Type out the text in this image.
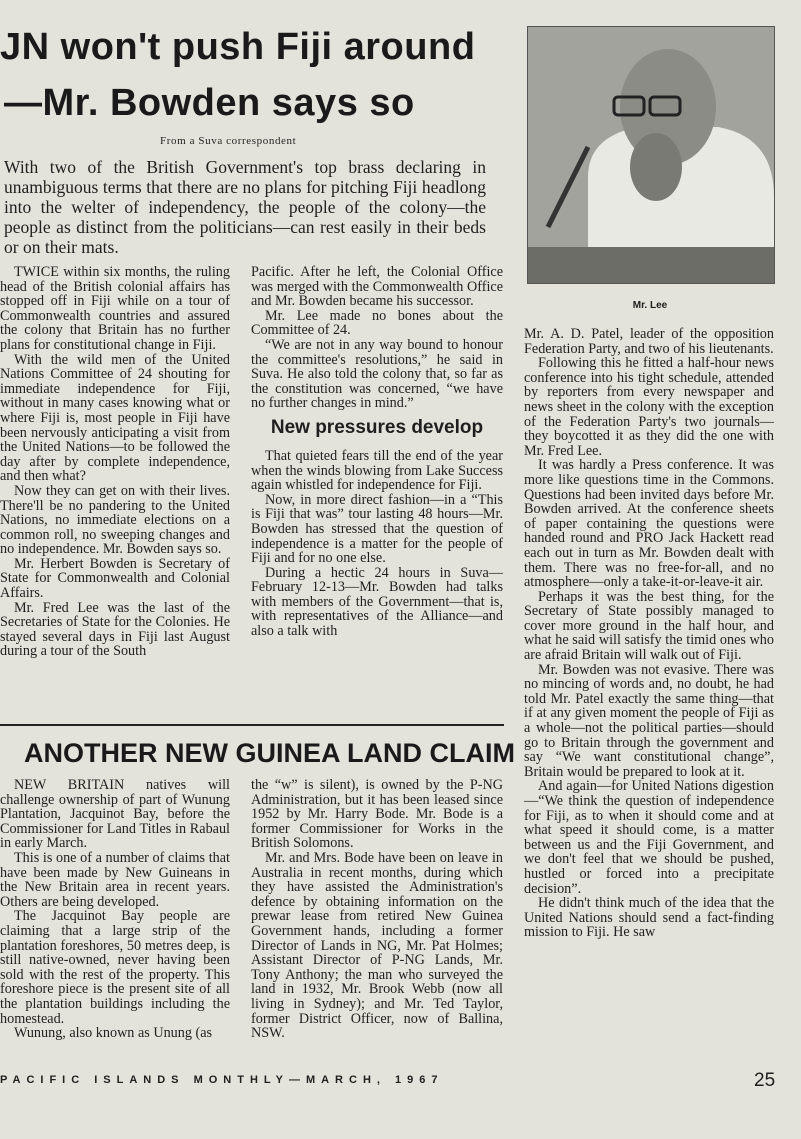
JN won't push Fiji around
—Mr. Bowden says so
From a Suva correspondent
With two of the British Government's top brass declaring in unambiguous terms that there are no plans for pitching Fiji headlong into the welter of independency, the people of the colony—the people as distinct from the politicians—can rest easily in their beds or on their mats.
Mr. Lee

TWICE within six months, the ruling head of the British colonial affairs has stopped off in Fiji while on a tour of Commonwealth countries and assured the colony that Britain has no further plans for constitutional change in Fiji.

With the wild men of the United Nations Committee of 24 shouting for immediate independence for Fiji, without in many cases knowing what or where Fiji is, most people in Fiji have been nervously anticipating a visit from the United Nations—to be followed the day after by complete independence, and then what?

Now they can get on with their lives. There'll be no pandering to the United Nations, no immediate elections on a common roll, no sweeping changes and no independence. Mr. Bowden says so.

Mr. Herbert Bowden is Secretary of State for Commonwealth and Colonial Affairs.

Mr. Fred Lee was the last of the Secretaries of State for the Colonies. He stayed several days in Fiji last August during a tour of the South

Pacific. After he left, the Colonial Office was merged with the Commonwealth Office and Mr. Bowden became his successor.

Mr. Lee made no bones about the Committee of 24.

“We are not in any way bound to honour the committee's resolutions,” he said in Suva. He also told the colony that, so far as the constitution was concerned, “we have no further changes in mind.”

New pressures develop

That quieted fears till the end of the year when the winds blowing from Lake Success again whistled for independence for Fiji.

Now, in more direct fashion—in a “This is Fiji that was” tour lasting 48 hours—Mr. Bowden has stressed that the question of independence is a matter for the people of Fiji and for no one else.

During a hectic 24 hours in Suva—February 12-13—Mr. Bowden had talks with members of the Government—that is, with representatives of the Alliance—and also a talk with

Mr. A. D. Patel, leader of the opposition Federation Party, and two of his lieutenants.

Following this he fitted a half-hour news conference into his tight schedule, attended by reporters from every newspaper and news sheet in the colony with the exception of the Federation Party's two journals—they boycotted it as they did the one with Mr. Fred Lee.

It was hardly a Press conference. It was more like questions time in the Commons. Questions had been invited days before Mr. Bowden arrived. At the conference sheets of paper containing the questions were handed round and PRO Jack Hackett read each out in turn as Mr. Bowden dealt with them. There was no free-for-all, and no atmosphere—only a take-it-or-leave-it air.

Perhaps it was the best thing, for the Secretary of State possibly managed to cover more ground in the half hour, and what he said will satisfy the timid ones who are afraid Britain will walk out of Fiji.

Mr. Bowden was not evasive. There was no mincing of words and, no doubt, he had told Mr. Patel exactly the same thing—that if at any given moment the people of Fiji as a whole—not the political parties—should go to Britain through the government and say “We want constitutional change”, Britain would be prepared to look at it.

And again—for United Nations digestion—“We think the question of independence for Fiji, as to when it should come and at what speed it should come, is a matter between us and the Fiji Government, and we don't feel that we should be pushed, hustled or forced into a precipitate decision”.

He didn't think much of the idea that the United Nations should send a fact-finding mission to Fiji. He saw

ANOTHER NEW GUINEA LAND CLAIM

NEW BRITAIN natives will challenge ownership of part of Wunung Plantation, Jacquinot Bay, before the Commissioner for Land Titles in Rabaul in early March.

This is one of a number of claims that have been made by New Guineans in the New Britain area in recent years. Others are being developed.

The Jacquinot Bay people are claiming that a large strip of the plantation foreshores, 50 metres deep, is still native-owned, never having been sold with the rest of the property. This foreshore piece is the present site of all the plantation buildings including the homestead.

Wunung, also known as Unung (as

the “w” is silent), is owned by the P-NG Administration, but it has been leased since 1952 by Mr. Harry Bode. Mr. Bode is a former Commissioner for Works in the British Solomons.

Mr. and Mrs. Bode have been on leave in Australia in recent months, during which they have assisted the Administration's defence by obtaining information on the prewar lease from retired New Guinea Government hands, including a former Director of Lands in NG, Mr. Pat Holmes; Assistant Director of P-NG Lands, Mr. Tony Anthony; the man who surveyed the land in 1932, Mr. Brook Webb (now all living in Sydney); and Mr. Ted Taylor, former District Officer, now of Ballina, NSW.

PACIFIC ISLANDS MONTHLY—MARCH, 1967	25
